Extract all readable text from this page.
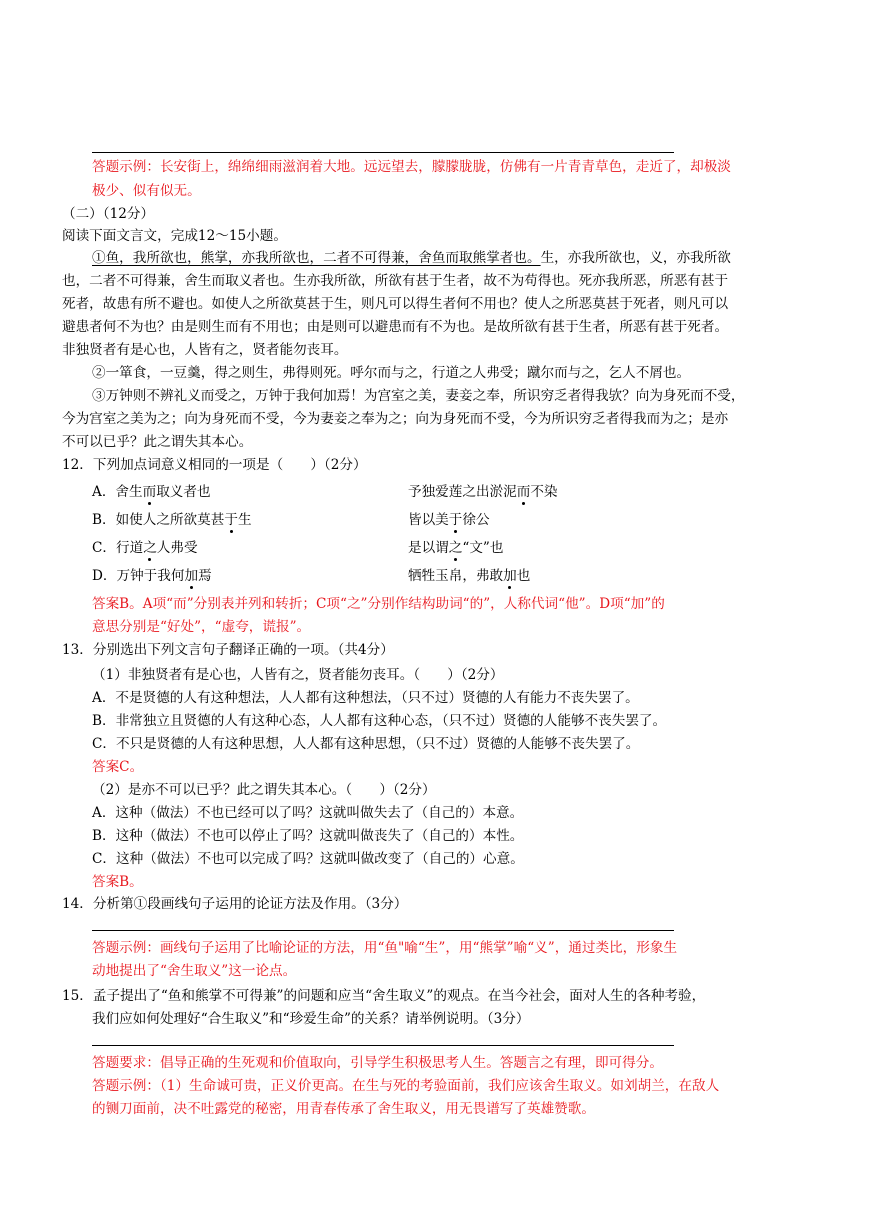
答题示例：长安街上，绵绵细雨滋润着大地。远远望去，朦朦胧胧，仿佛有一片青青草色，走近了，却极淡
极少、似有似无。
（二）（12分）
阅读下面文言文，完成12～15小题。
①鱼，我所欲也，熊掌，亦我所欲也，二者不可得兼，舍鱼而取熊掌者也。生，亦我所欲也，义，亦我所欲
也，二者不可得兼，舍生而取义者也。生亦我所欲，所欲有甚于生者，故不为苟得也。死亦我所恶，所恶有甚于
死者，故患有所不避也。如使人之所欲莫甚于生，则凡可以得生者何不用也？使人之所恶莫甚于死者，则凡可以
避患者何不为也？由是则生而有不用也；由是则可以避患而有不为也。是故所欲有甚于生者，所恶有甚于死者。
非独贤者有是心也，人皆有之，贤者能勿丧耳。
②一箪食，一豆羹，得之则生，弗得则死。呼尔而与之，行道之人弗受；蹴尔而与之，乞人不屑也。
③万钟则不辨礼义而受之，万钟于我何加焉！为宫室之美，妻妾之奉，所识穷乏者得我欤？向为身死而不受，
今为宫室之美为之；向为身死而不受，今为妻妾之奉为之；向为身死而不受，今为所识穷乏者得我而为之；是亦
不可以已乎？此之谓失其本心。
12．下列加点词意义相同的一项是（　　）（2分）
A．舍生而取义者也	予独爱莲之出淤泥而不染
B．如使人之所欲莫甚于生	皆以美于徐公
C．行道之人弗受	是以谓之“文”也
D．万钟于我何加焉	牺牲玉帛，弗敢加也
答案B。A项“而”分别表并列和转折；C项“之”分别作结构助词“的”，人称代词“他”。D项“加”的
意思分别是“好处”，“虚夸，谎报”。
13．分别选出下列文言句子翻译正确的一项。（共4分）
（1）非独贤者有是心也，人皆有之，贤者能勿丧耳。（　　）（2分）
A．不是贤德的人有这种想法，人人都有这种想法，（只不过）贤德的人有能力不丧失罢了。
B．非常独立且贤德的人有这种心态，人人都有这种心态，（只不过）贤德的人能够不丧失罢了。
C．不只是贤德的人有这种思想，人人都有这种思想，（只不过）贤德的人能够不丧失罢了。
答案C。
（2）是亦不可以已乎？此之谓失其本心。（　　）（2分）
A．这种（做法）不也已经可以了吗？这就叫做失去了（自己的）本意。
B．这种（做法）不也可以停止了吗？这就叫做丧失了（自己的）本性。
C．这种（做法）不也可以完成了吗？这就叫做改变了（自己的）心意。
答案B。
14．分析第①段画线句子运用的论证方法及作用。（3分）
答题示例：画线句子运用了比喻论证的方法，用“鱼"喻“生”，用“熊掌”喻“义”，通过类比，形象生
动地提出了“舍生取义”这一论点。
15．孟子提出了“鱼和熊掌不可得兼”的问题和应当“舍生取义”的观点。在当今社会，面对人生的各种考验，
我们应如何处理好“合生取义”和“珍爱生命”的关系？请举例说明。（3分）
答题要求：倡导正确的生死观和价值取向，引导学生积极思考人生。答题言之有理，即可得分。
答题示例：（1）生命诚可贵，正义价更高。在生与死的考验面前，我们应该舍生取义。如刘胡兰，在敌人
的铡刀面前，决不吐露党的秘密，用青春传承了舍生取义，用无畏谱写了英雄赞歌。
